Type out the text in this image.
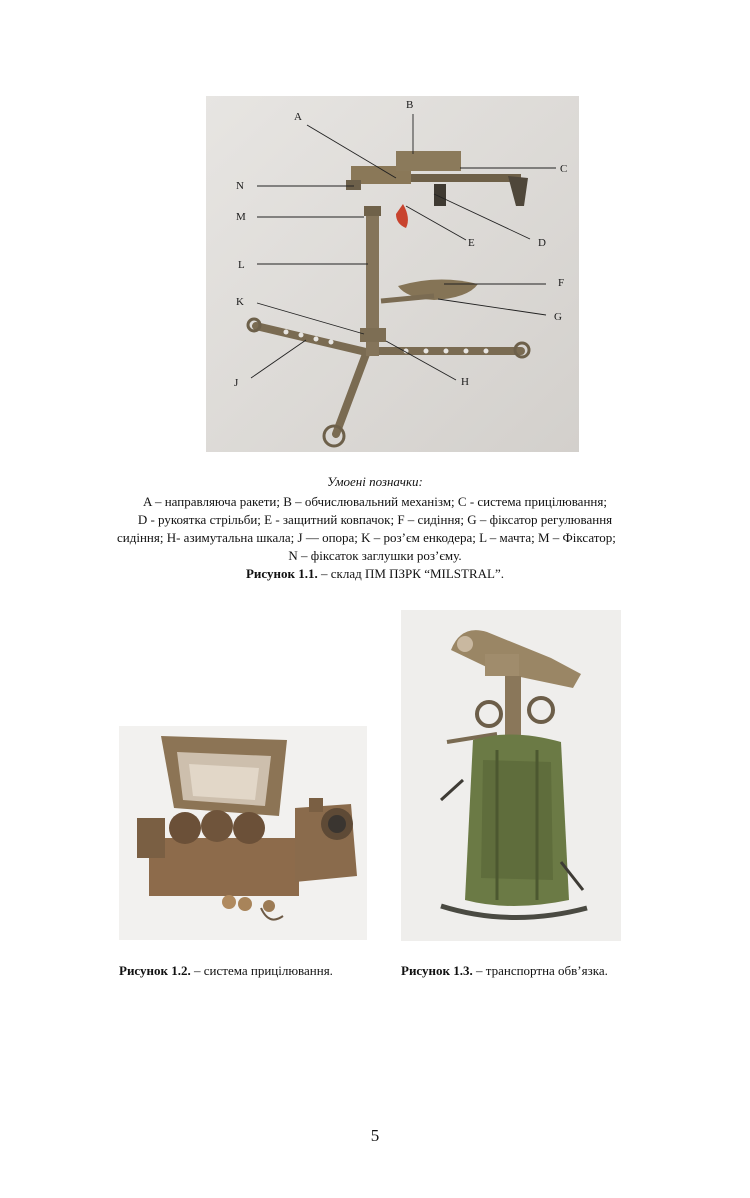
A
B
C
D
E
F
G
H
J
K
L
M
N
Умоені позначки:
A – направляюча ракети; B – обчислювальний механізм; C - система прицілювання;
D - рукоятка стрільби; E - защитний ковпачок; F – сидіння; G – фіксатор регулювання
сидіння; H- азимутальна шкала; J — опора; K – роз’єм енкодера; L – мачта; M – Фіксатор;
N – фіксаток заглушки роз’єму.
Рисунок 1.1. – склад ПМ ПЗРК “MILSTRAL”.
Рисунок 1.2. – система прицілювання.	Рисунок 1.3. – транспортна обв’язка.
5
